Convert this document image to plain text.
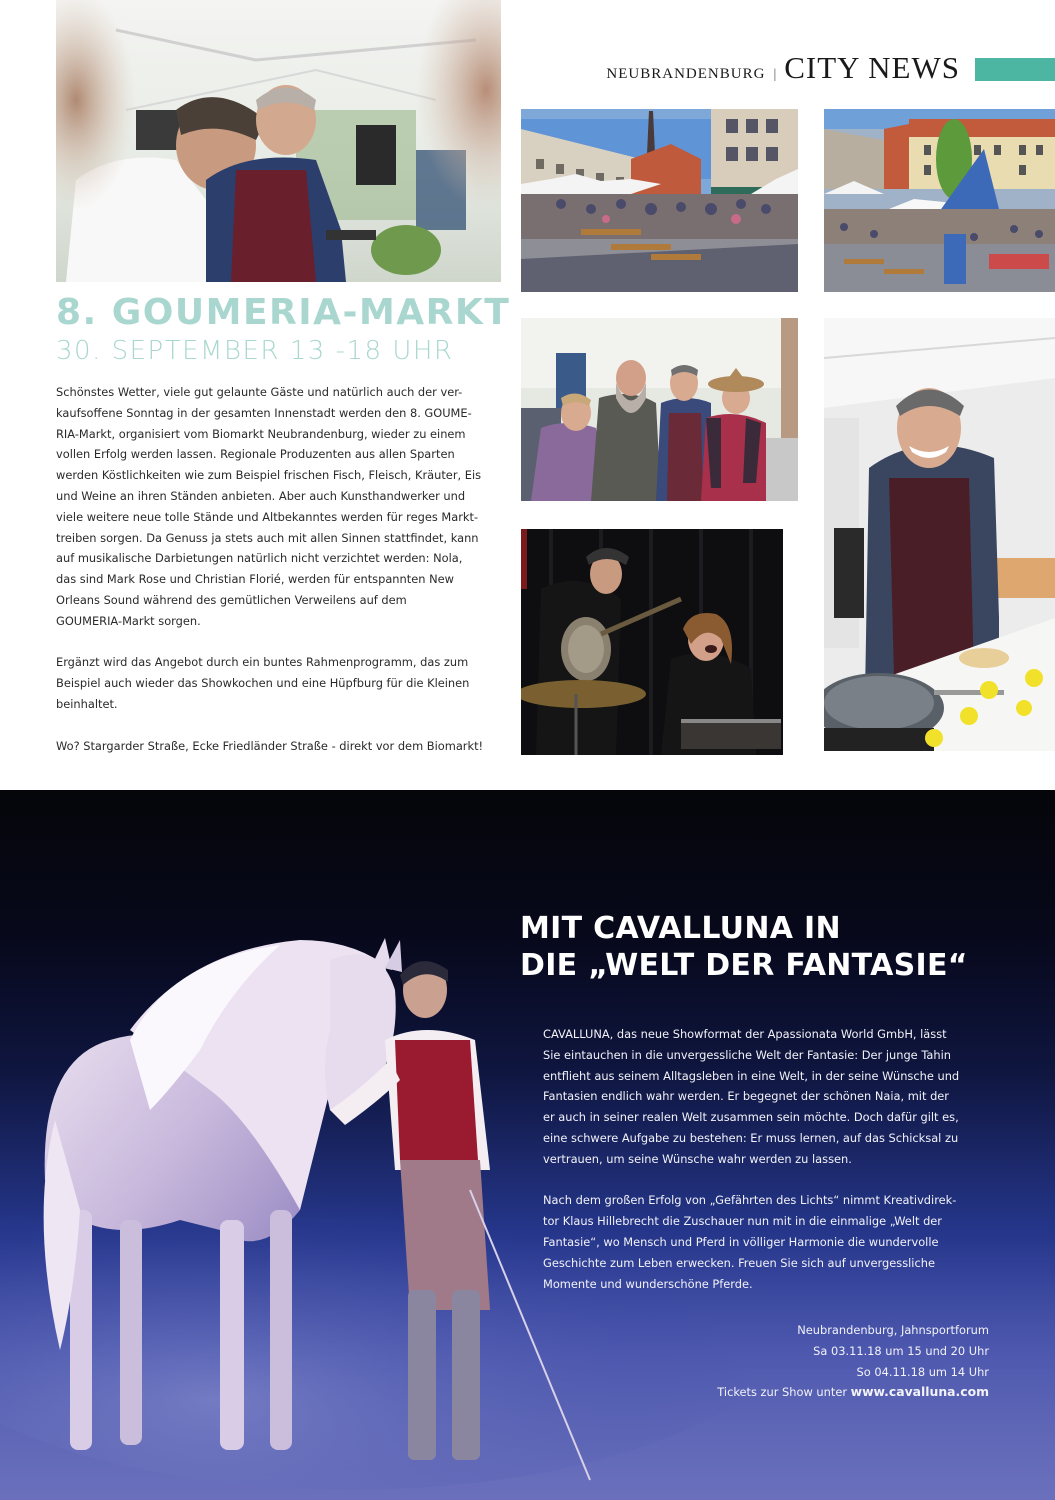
NEUBRANDENBURG | CITY NEWS
8. GOUMERIA-MARKT
30. SEPTEMBER 13 -18 UHR

Schönstes Wetter, viele gut gelaunte Gäste und natürlich auch der ver-
kaufsoffene Sonntag in der gesamten Innenstadt werden den 8. GOUME-
RIA-Markt, organisiert vom Biomarkt Neubrandenburg, wieder zu einem
vollen Erfolg werden lassen. Regionale Produzenten aus allen Sparten
werden Köstlichkeiten wie zum Beispiel frischen Fisch, Fleisch, Kräuter, Eis
und Weine an ihren Ständen anbieten. Aber auch Kunsthandwerker und
viele weitere neue tolle Stände und Altbekanntes werden für reges Markt-
treiben sorgen. Da Genuss ja stets auch mit allen Sinnen stattfindet, kann
auf musikalische Darbietungen natürlich nicht verzichtet werden: Nola,
das sind Mark Rose und Christian Florié, werden für entspannten New
Orleans Sound während des gemütlichen Verweilens auf dem
GOUMERIA-Markt sorgen.

Ergänzt wird das Angebot durch ein buntes Rahmenprogramm, das zum
Beispiel auch wieder das Showkochen und eine Hüpfburg für die Kleinen
beinhaltet.

Wo? Stargarder Straße, Ecke Friedländer Straße - direkt vor dem Biomarkt!

MIT CAVALLUNA IN
DIE „WELT DER FANTASIE“
CAVALLUNA, das neue Showformat der Apassionata World GmbH, lässt
Sie eintauchen in die unvergessliche Welt der Fantasie: Der junge Tahin
entflieht aus seinem Alltagsleben in eine Welt, in der seine Wünsche und
Fantasien endlich wahr werden. Er begegnet der schönen Naia, mit der
er auch in seiner realen Welt zusammen sein möchte. Doch dafür gilt es,
eine schwere Aufgabe zu bestehen: Er muss lernen, auf das Schicksal zu
vertrauen, um seine Wünsche wahr werden zu lassen.
Nach dem großen Erfolg von „Gefährten des Lichts“ nimmt Kreativdirek-
tor Klaus Hillebrecht die Zuschauer nun mit in die einmalige „Welt der
Fantasie“, wo Mensch und Pferd in völliger Harmonie die wundervolle
Geschichte zum Leben erwecken. Freuen Sie sich auf unvergessliche
Momente und wunderschöne Pferde.
Neubrandenburg, Jahnsportforum
Sa 03.11.18 um 15 und 20 Uhr
So 04.11.18 um 14 Uhr
Tickets zur Show unter www.cavalluna.com
